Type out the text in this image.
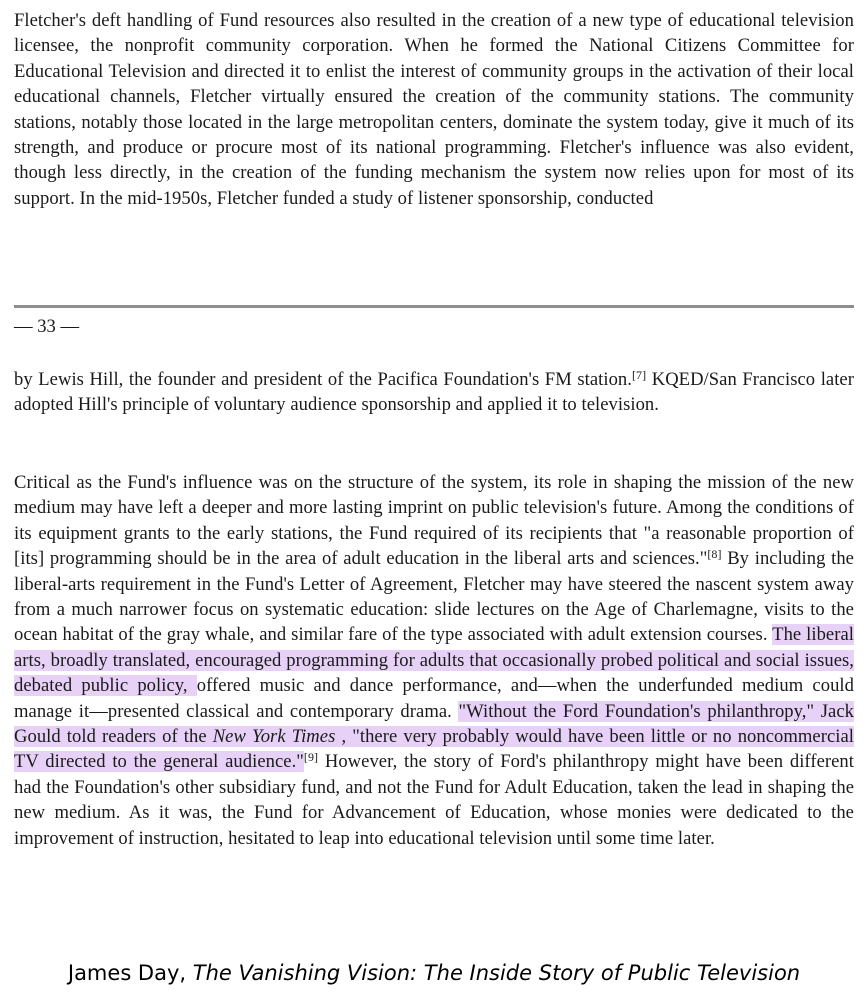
Fletcher's deft handling of Fund resources also resulted in the creation of a new type of educational television licensee, the nonprofit community corporation. When he formed the National Citizens Committee for Educational Television and directed it to enlist the interest of community groups in the activation of their local educational channels, Fletcher virtually ensured the creation of the community stations. The community stations, notably those located in the large metropolitan centers, dominate the system today, give it much of its strength, and produce or procure most of its national programming. Fletcher's influence was also evident, though less directly, in the creation of the funding mechanism the system now relies upon for most of its support. In the mid-1950s, Fletcher funded a study of listener sponsorship, conducted

— 33 —

by Lewis Hill, the founder and president of the Pacifica Foundation's FM station.[7] KQED/San Francisco later adopted Hill's principle of voluntary audience sponsorship and applied it to television.

Critical as the Fund's influence was on the structure of the system, its role in shaping the mission of the new medium may have left a deeper and more lasting imprint on public television's future. Among the conditions of its equipment grants to the early stations, the Fund required of its recipients that "a reasonable proportion of [its] programming should be in the area of adult education in the liberal arts and sciences."[8] By including the liberal-arts requirement in the Fund's Letter of Agreement, Fletcher may have steered the nascent system away from a much narrower focus on systematic education: slide lectures on the Age of Charlemagne, visits to the ocean habitat of the gray whale, and similar fare of the type associated with adult extension courses. The liberal arts, broadly translated, encouraged programming for adults that occasionally probed political and social issues, debated public policy, offered music and dance performance, and—when the underfunded medium could manage it—presented classical and contemporary drama. "Without the Ford Foundation's philanthropy," Jack Gould told readers of the New York Times , "there very probably would have been little or no noncommercial TV directed to the general audience."[9] However, the story of Ford's philanthropy might have been different had the Foundation's other subsidiary fund, and not the Fund for Adult Education, taken the lead in shaping the new medium. As it was, the Fund for Advancement of Education, whose monies were dedicated to the improvement of instruction, hesitated to leap into educational television until some time later.

James Day, The Vanishing Vision: The Inside Story of Public Television
